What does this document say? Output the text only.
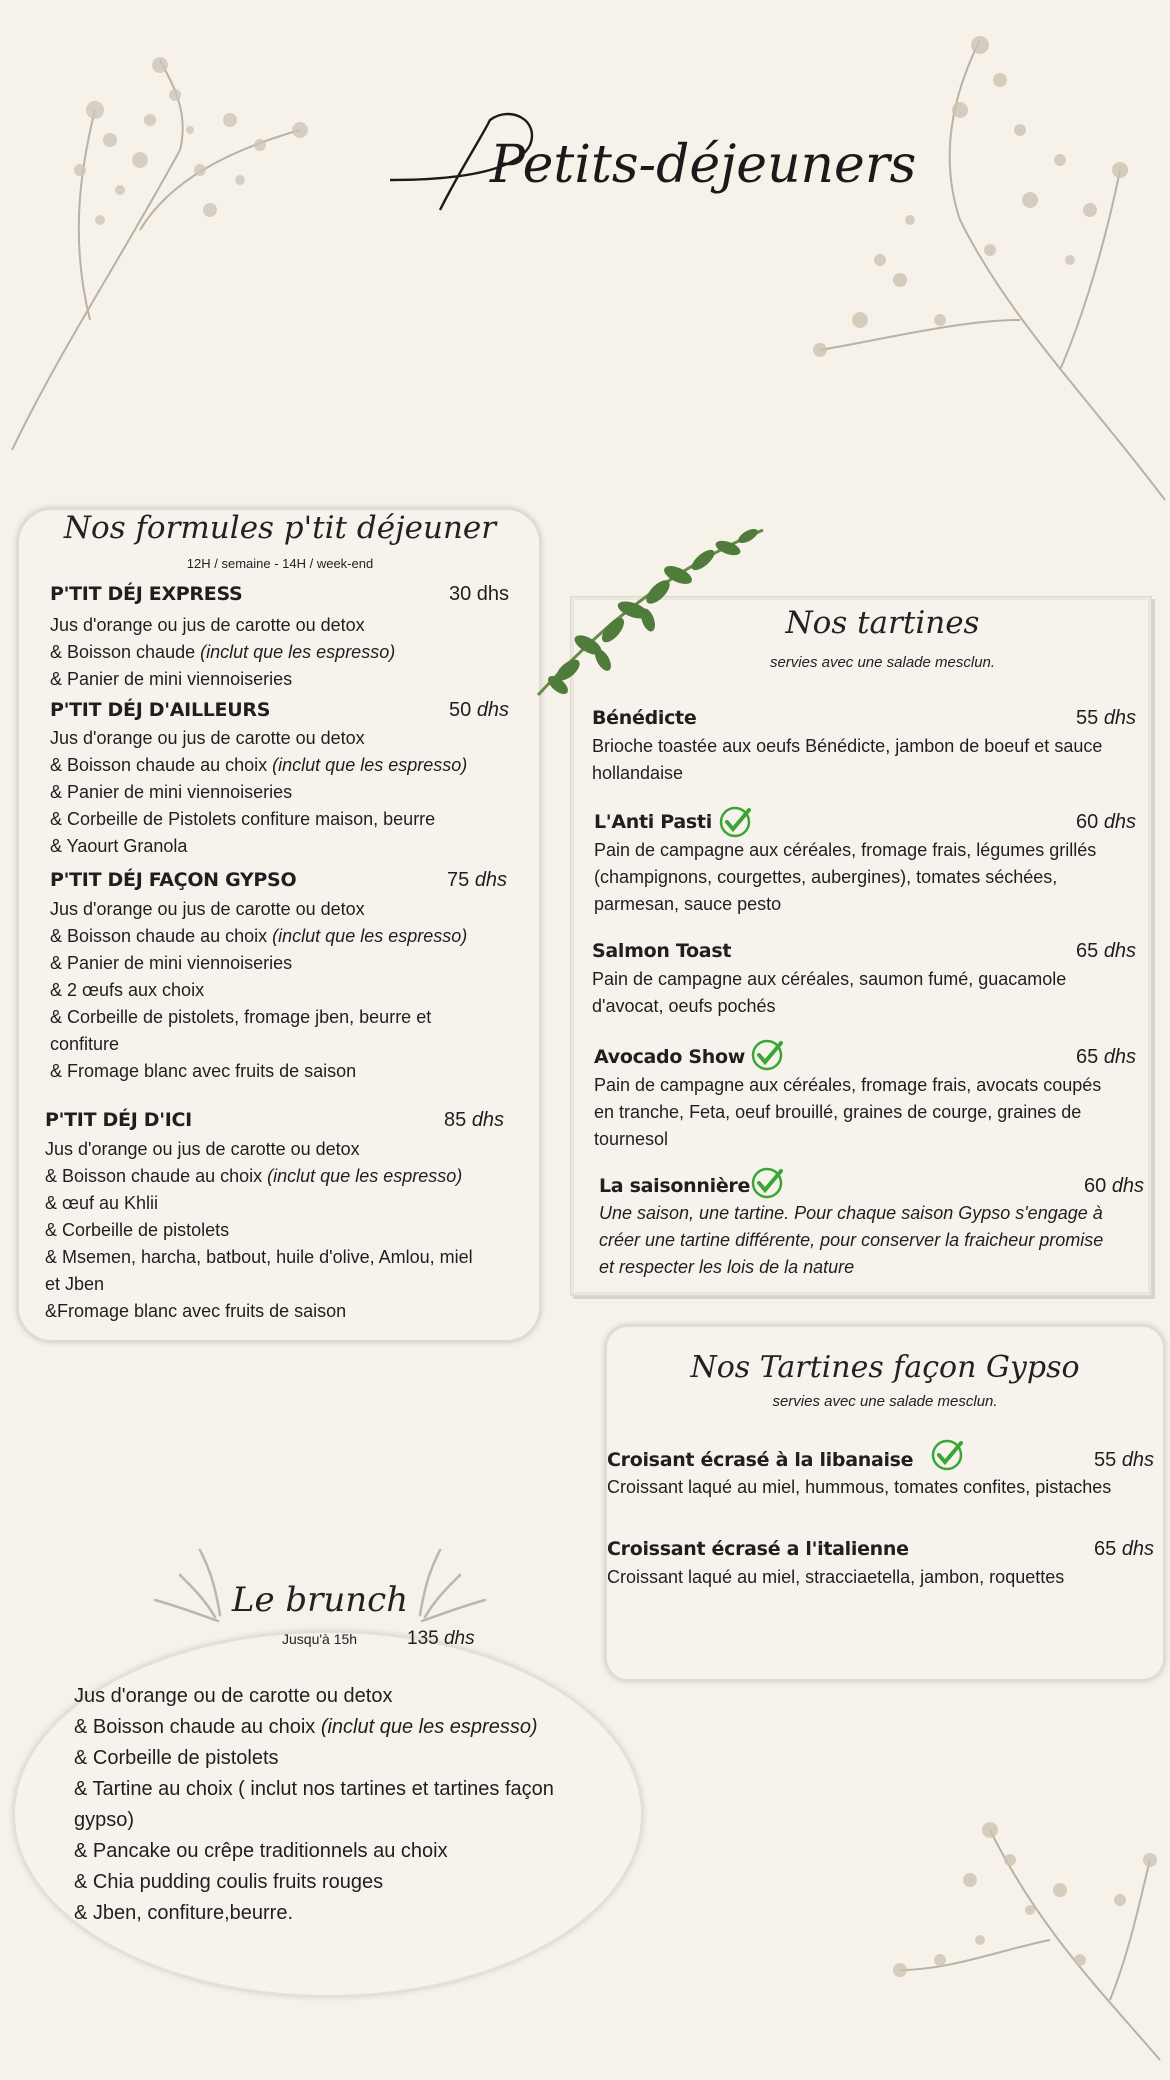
Petits-déjeuners
Nos formules p'tit déjeuner
12H / semaine - 14H / week-end
P'TIT DÉJ EXPRESS	30 dhs
Jus d'orange ou jus de carotte ou detox
& Boisson chaude (inclut que les espresso)
& Panier de mini viennoiseries
P'TIT DÉJ D'AILLEURS	50 dhs
Jus d'orange ou jus de carotte ou detox
& Boisson chaude au choix (inclut que les espresso)
& Panier de mini viennoiseries
& Corbeille de Pistolets confiture maison, beurre
& Yaourt Granola
P'TIT DÉJ FAÇON GYPSO	75 dhs
Jus d'orange ou jus de carotte ou detox
& Boisson chaude au choix (inclut que les espresso)
& Panier de mini viennoiseries
& 2 œufs aux choix
& Corbeille de pistolets, fromage jben, beurre et
confiture
& Fromage blanc avec fruits de saison
P'TIT DÉJ D'ICI	85 dhs
Jus d'orange ou jus de carotte ou detox
& Boisson chaude au choix (inclut que les espresso)
& œuf au Khlii
& Corbeille de pistolets
& Msemen, harcha, batbout, huile d'olive, Amlou, miel
et Jben
&Fromage blanc avec fruits de saison
Nos tartines
servies avec une salade mesclun.
Bénédicte	55 dhs
Brioche toastée aux oeufs Bénédicte, jambon de boeuf et sauce
hollandaise
L'Anti Pasti	60 dhs
Pain de campagne aux céréales, fromage frais, légumes grillés
(champignons, courgettes, aubergines), tomates séchées,
parmesan, sauce pesto
Salmon Toast	65 dhs
Pain de campagne aux céréales, saumon fumé, guacamole
d'avocat, oeufs pochés
Avocado Show	65 dhs
Pain de campagne aux céréales, fromage frais, avocats coupés
en tranche, Feta, oeuf brouillé, graines de courge, graines de
tournesol
La saisonnière	60 dhs
Une saison, une tartine. Pour chaque saison Gypso s'engage à
créer une tartine différente, pour conserver la fraicheur promise
et respecter les lois de la nature
Nos Tartines façon Gypso
servies avec une salade mesclun.
Croisant écrasé à la libanaise	55 dhs
Croissant laqué au miel, hummous, tomates confites, pistaches
Croissant écrasé a l'italienne	65 dhs
Croissant laqué au miel, stracciaetella, jambon, roquettes
Le brunch
Jusqu'à 15h	135 dhs
Jus d'orange ou de carotte ou detox
& Boisson chaude au choix (inclut que les espresso)
& Corbeille de pistolets
& Tartine au choix ( inclut nos tartines et tartines façon
gypso)
& Pancake ou crêpe traditionnels au choix
& Chia pudding coulis fruits rouges
& Jben, confiture,beurre.
